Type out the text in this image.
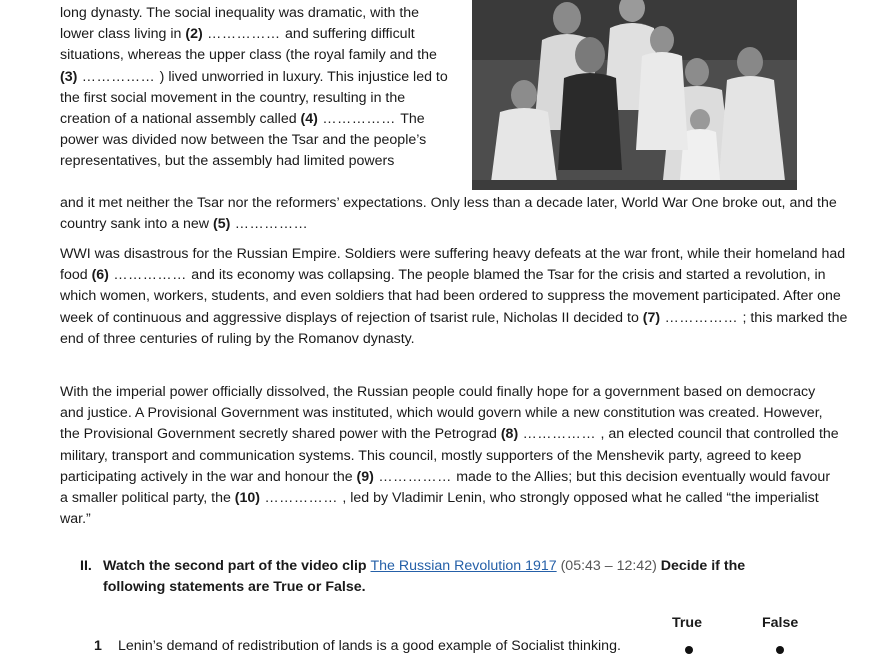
long dynasty. The social inequality was dramatic, with the lower class living in (2) …………… and suffering difficult situations, whereas the upper class (the royal family and the (3) …………… ) lived unworried in luxury. This injustice led to the first social movement in the country, resulting in the creation of a national assembly called (4) …………… The power was divided now between the Tsar and the people’s representatives, but the assembly had limited powers

and it met neither the Tsar nor the reformers’ expectations. Only less than a decade later, World War One broke out, and the country sank into a new (5) ……………

WWI was disastrous for the Russian Empire. Soldiers were suffering heavy defeats at the war front, while their homeland had food (6) …………… and its economy was collapsing. The people blamed the Tsar for the crisis and started a revolution, in which women, workers, students, and even soldiers that had been ordered to suppress the movement participated. After one week of continuous and aggressive displays of rejection of tsarist rule, Nicholas II decided to (7) …………… ; this marked the end of three centuries of ruling by the Romanov dynasty.

With the imperial power officially dissolved, the Russian people could finally hope for a government based on democracy and justice. A Provisional Government was instituted, which would govern while a new constitution was created. However, the Provisional Government secretly shared power with the Petrograd (8) …………… , an elected council that controlled the military, transport and communication systems. This council, mostly supporters of the Menshevik party, agreed to keep participating actively in the war and honour the (9) …………… made to the Allies; but this decision eventually would favour a smaller political party, the (10) …………… , led by Vladimir Lenin, who strongly opposed what he called “the imperialist war.”

II. Watch the second part of the video clip The Russian Revolution 1917 (05:43 – 12:42) Decide if the following statements are True or False.
True	False
1 Lenin’s demand of redistribution of lands is a good example of Socialist thinking.
